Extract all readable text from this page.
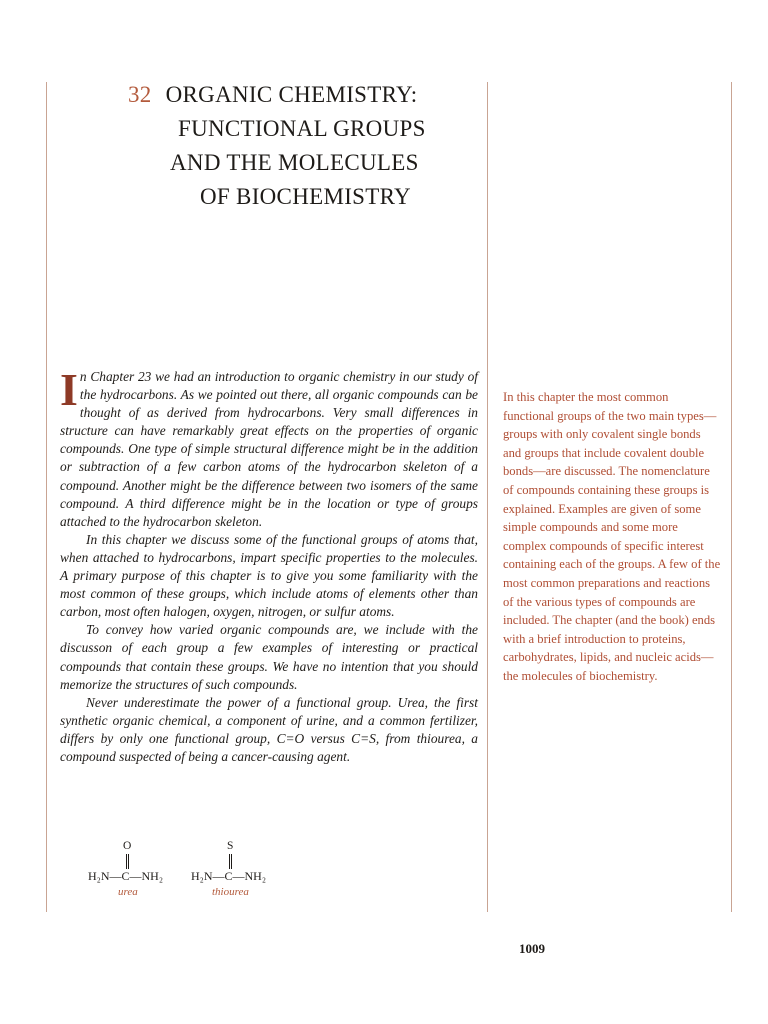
32 ORGANIC CHEMISTRY:
FUNCTIONAL GROUPS
AND THE MOLECULES
OF BIOCHEMISTRY

In Chapter 23 we had an introduction to organic chemistry in our study of the hydrocarbons. As we pointed out there, all organic compounds can be thought of as derived from hydrocarbons. Very small differences in structure can have remarkably great effects on the properties of organic compounds. One type of simple structural difference might be in the addition or subtraction of a few carbon atoms of the hydrocarbon skeleton of a compound. Another might be the difference between two isomers of the same compound. A third difference might be in the location or type of groups attached to the hydrocarbon skeleton.

In this chapter we discuss some of the functional groups of atoms that, when attached to hydrocarbons, impart specific properties to the molecules. A primary purpose of this chapter is to give you some familiarity with the most common of these groups, which include atoms of elements other than carbon, most often halogen, oxygen, nitrogen, or sulfur atoms.

To convey how varied organic compounds are, we include with the discusson of each group a few examples of interesting or practical compounds that contain these groups. We have no intention that you should memorize the structures of such compounds.

Never underestimate the power of a functional group. Urea, the first synthetic organic chemical, a component of urine, and a common fertilizer, differs by only one functional group, C=O versus C=S, from thiourea, a compound suspected of being a cancer-causing agent.

O
H₂N—C—NH₂
urea
S
H₂N—C—NH₂
thiourea

In this chapter the most common functional groups of the two main types—groups with only covalent single bonds and groups that include covalent double bonds—are discussed. The nomenclature of compounds containing these groups is explained. Examples are given of some simple compounds and some more complex compounds of specific interest containing each of the groups. A few of the most common preparations and reactions of the various types of compounds are included. The chapter (and the book) ends with a brief introduction to proteins, carbohydrates, lipids, and nucleic acids—the molecules of biochemistry.

1009
